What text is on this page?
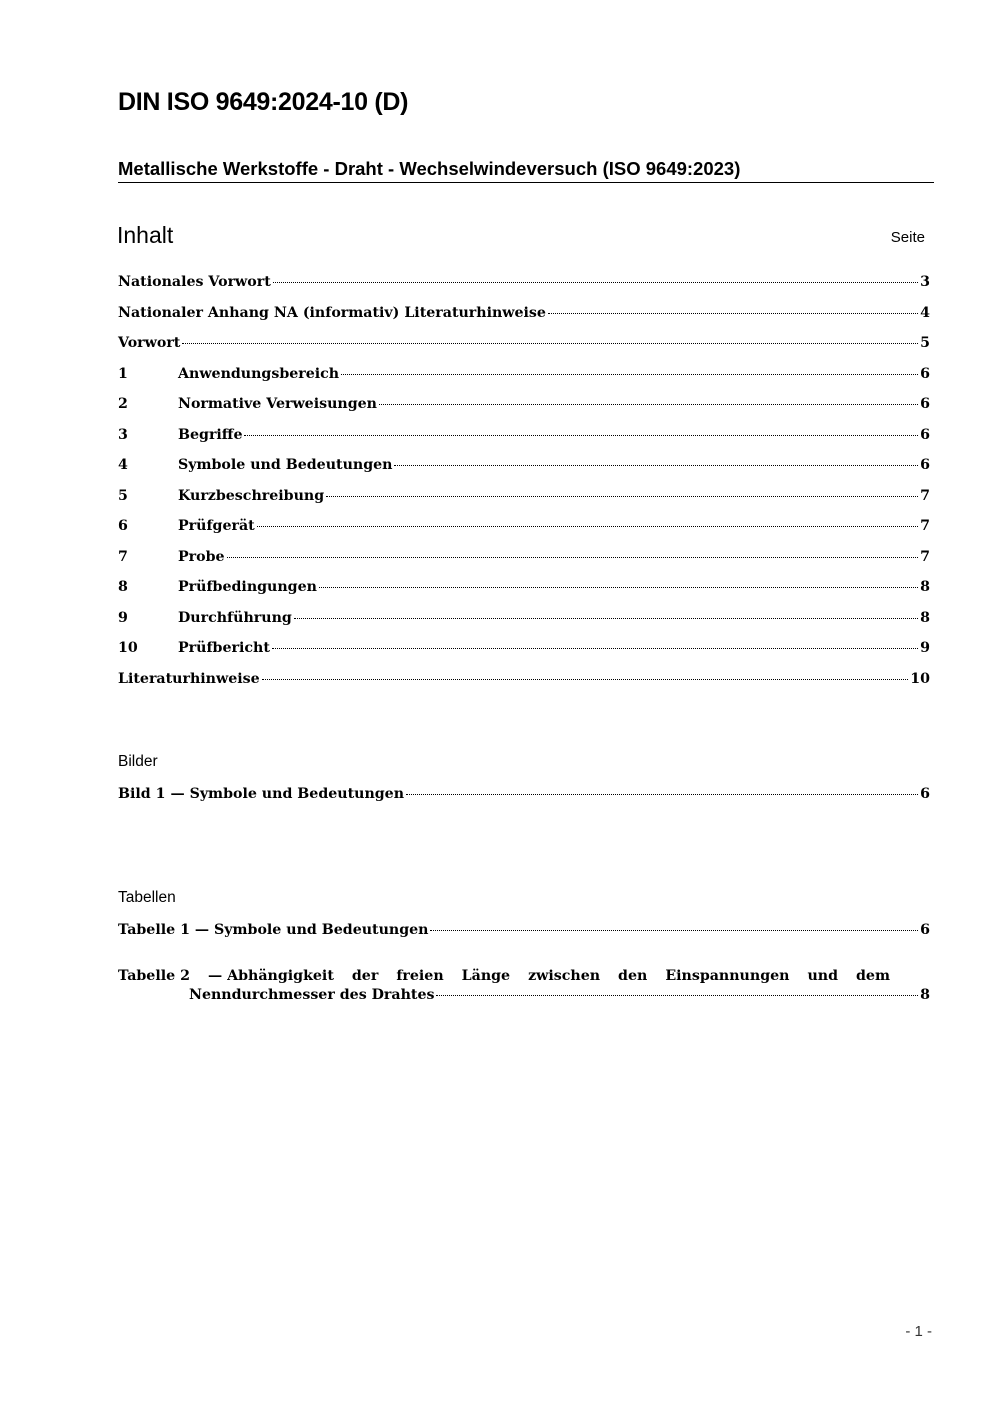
DIN ISO 9649:2024-10 (D)
Metallische Werkstoffe - Draht - Wechselwindeversuch (ISO 9649:2023)
Inhalt	Seite
Nationales Vorwort	3
Nationaler Anhang NA (informativ) Literaturhinweise	4
Vorwort	5
1	Anwendungsbereich	6
2	Normative Verweisungen	6
3	Begriffe	6
4	Symbole und Bedeutungen	6
5	Kurzbeschreibung	7
6	Prüfgerät	7
7	Probe	7
8	Prüfbedingungen	8
9	Durchführung	8
10	Prüfbericht	9
Literaturhinweise	10
Bilder
Bild 1 — Symbole und Bedeutungen	6
Tabellen
Tabelle 1 — Symbole und Bedeutungen	6
Tabelle 2 — Abhängigkeit der freien Länge zwischen den Einspannungen und dem
Nenndurchmesser des Drahtes	8
- 1 -
